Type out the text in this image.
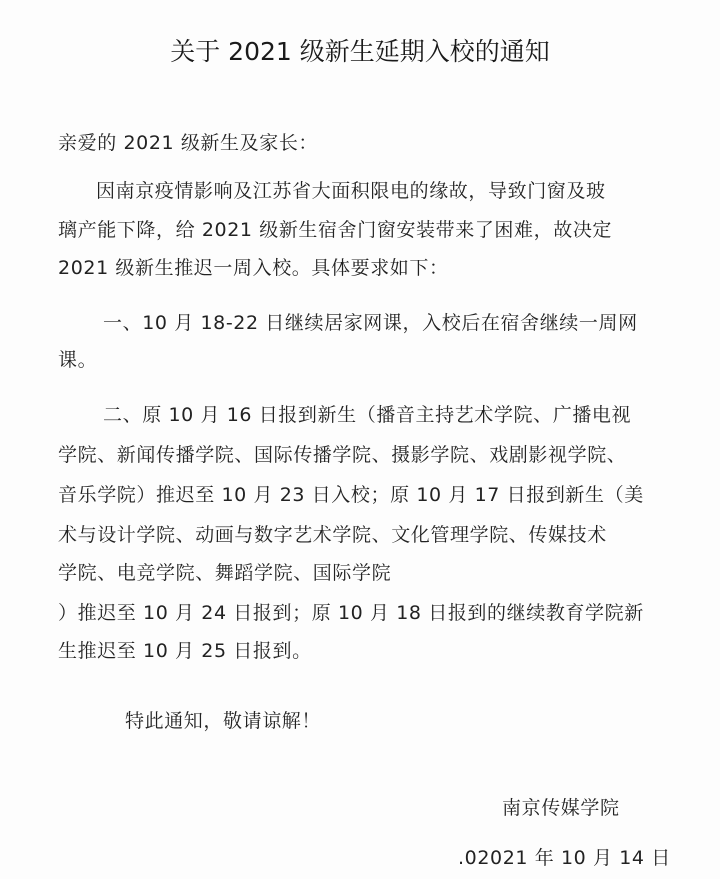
关于 2021 级新生延期入校的通知
亲爱的 2021 级新生及家长：
因南京疫情影响及江苏省大面积限电的缘故，导致门窗及玻
璃产能下降，给 2021 级新生宿舍门窗安装带来了困难，故决定
2021 级新生推迟一周入校。具体要求如下：
一、10 月 18-22 日继续居家网课，入校后在宿舍继续一周网
课。
二、原 10 月 16 日报到新生（播音主持艺术学院、广播电视
学院、新闻传播学院、国际传播学院、摄影学院、戏剧影视学院、
音乐学院）推迟至 10 月 23 日入校；原 10 月 17 日报到新生（美
术与设计学院、动画与数字艺术学院、文化管理学院、传媒技术
学院、电竞学院、舞蹈学院、国际学院
）推迟至 10 月 24 日报到；原 10 月 18 日报到的继续教育学院新
生推迟至 10 月 25 日报到。
特此通知，敬请谅解！
南京传媒学院
.02021 年 10 月 14 日
